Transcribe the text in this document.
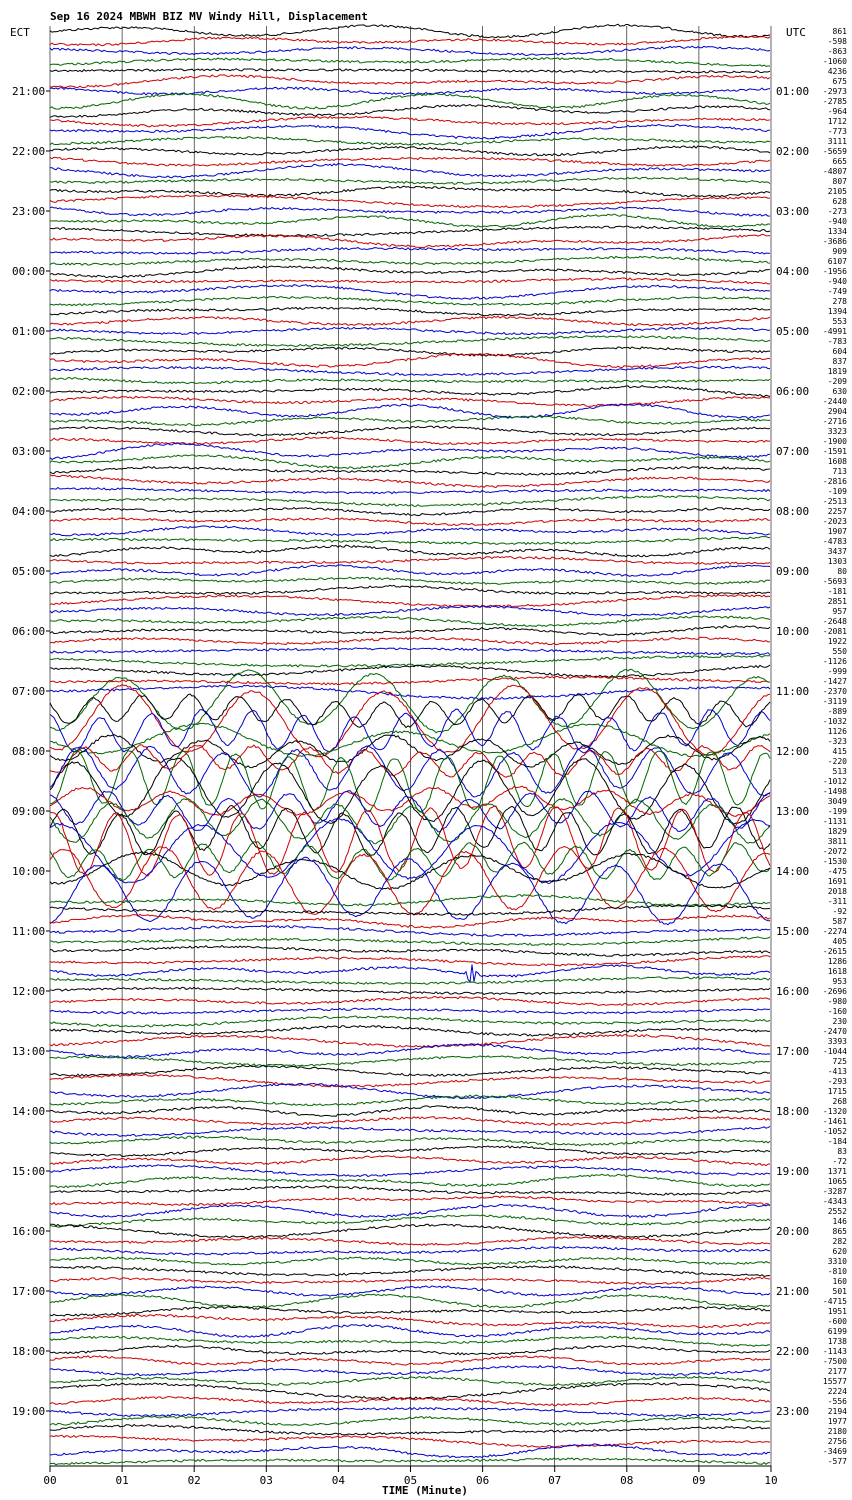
Sep 16 2024 MBWH BIZ MV Windy Hill, Displacement
ECT	UTC
21:00
22:00
23:00
00:00
01:00
02:00
03:00
04:00
05:00
06:00
07:00
08:00
09:00
10:00
11:00
12:00
13:00
14:00
15:00
16:00
17:00
18:00
19:00
01:00
02:00
03:00
04:00
05:00
06:00
07:00
08:00
09:00
10:00
11:00
12:00
13:00
14:00
15:00
16:00
17:00
18:00
19:00
20:00
21:00
22:00
23:00
861
-598
-863
-1060
4236
675
-2973
-2785
-964
1712
-773
3111
-5659
665
-4807
807
2105
628
-273
-940
1334
-3686
909
6107
-1956
-940
-749
278
1394
553
-4991
-783
604
837
1819
-209
630
-2440
2904
-2716
3323
-1900
-1591
1608
713
-2816
-109
-2513
2257
-2023
1907
-4783
3437
1303
80
-5693
-181
2851
957
-2648
-2081
1922
550
-1126
-999
-1427
-2370
-3119
-889
-1032
1126
-323
415
-220
513
-1012
-1498
3049
-199
-1131
1829
3811
-2072
-1530
-475
1691
2018
-311
-92
587
-2274
405
-2615
1286
1618
953
-2696
-980
-160
230
-2470
3393
-1044
725
-413
-293
1715
268
-1320
-1461
-1052
-184
83
-72
1371
1065
-3287
-4343
2552
146
865
282
620
3310
-810
160
501
-4715
1951
-600
6199
1738
-1143
-7500
2177
15577
2224
-556
2194
1977
2180
2756
-3469
-577
00	01	02	03	04	05	06	07	08	09	10
TIME (Minute)
